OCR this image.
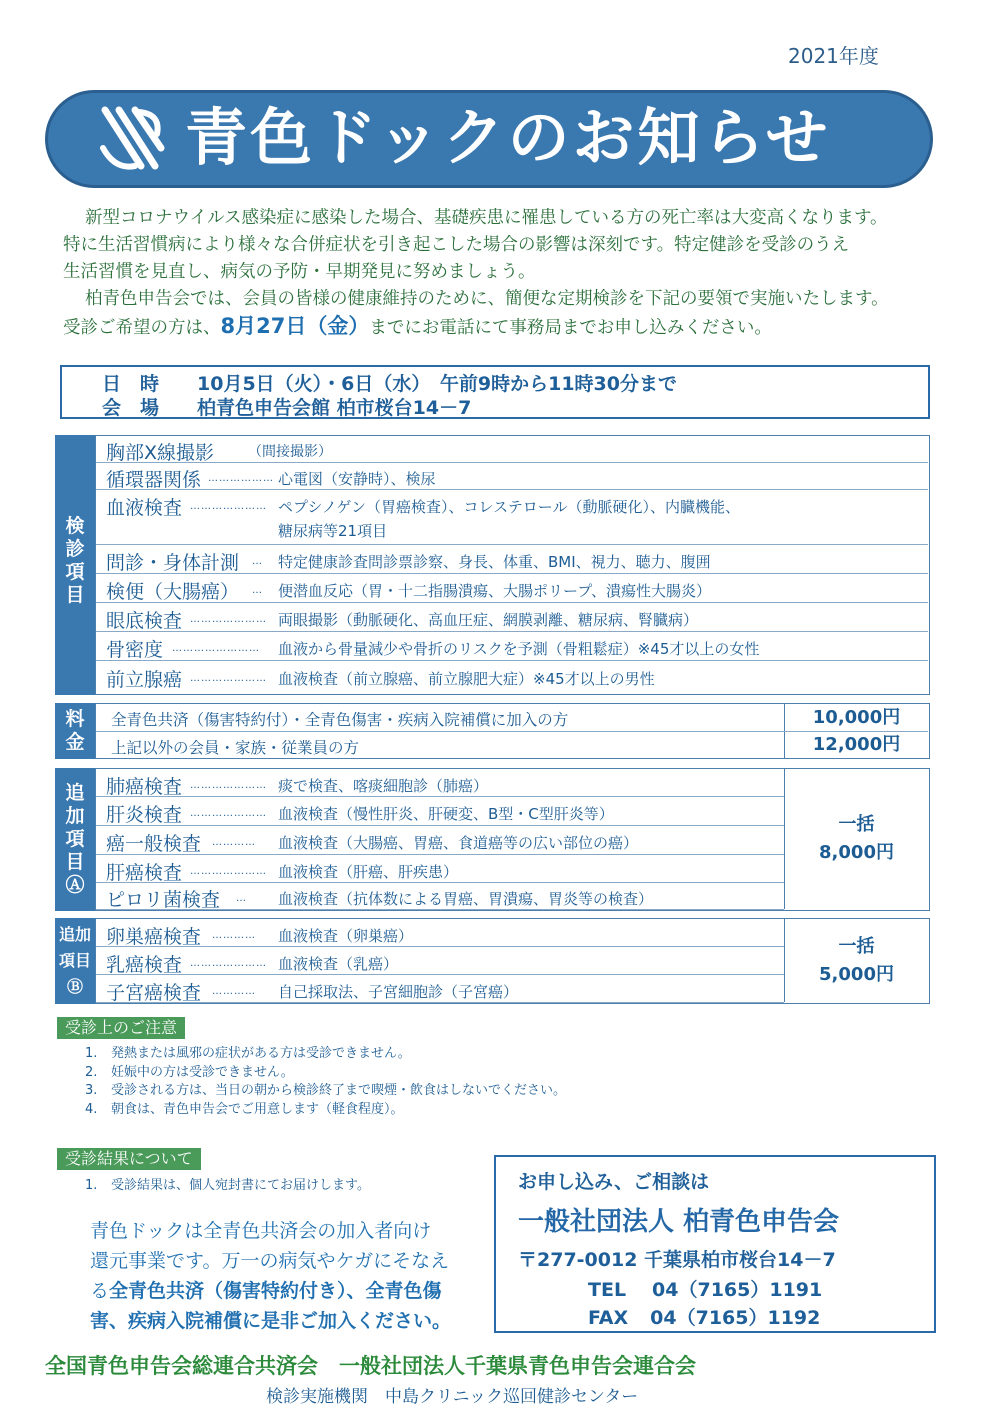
2021年度
青色ドックのお知らせ

新型コロナウイルス感染症に感染した場合、基礎疾患に罹患している方の死亡率は大変高くなります。

特に生活習慣病により様々な合併症状を引き起こした場合の影響は深刻です。特定健診を受診のうえ

生活習慣を見直し、病気の予防・早期発見に努めましょう。

柏青色申告会では、会員の皆様の健康維持のために、簡便な定期検診を下記の要領で実施いたします。

受診ご希望の方は、8月27日（金）までにお電話にて事務局までお申し込みください。

日　時 10月5日（火）・6日（水）　午前9時から11時30分まで
会　場 柏青色申告会館 柏市桜台14－7
検
診
項
目
胸部X線撮影 （間接撮影）
循環器関係 ……………… 心電図（安静時）、検尿
血液検査 ………………… ペプシノゲン（胃癌検査）、コレステロール（動脈硬化）、内臓機能、
糖尿病等21項目
問診・身体計測 … 特定健康診査問診票診察、身長、体重、BMI、視力、聴力、腹囲
検便（大腸癌） … 便潜血反応（胃・十二指腸潰瘍、大腸ポリープ、潰瘍性大腸炎）
眼底検査 ………………… 両眼撮影（動脈硬化、高血圧症、網膜剥離、糖尿病、腎臓病）
骨密度 …………………… 血液から骨量減少や骨折のリスクを予測（骨粗鬆症）※45才以上の女性
前立腺癌 ………………… 血液検査（前立腺癌、前立腺肥大症）※45才以上の男性
料
金
全青色共済（傷害特約付）・全青色傷害・疾病入院補償に加入の方	10,000円
上記以外の会員・家族・従業員の方	12,000円
追
加
項
目
Ⓐ
肺癌検査 ………………… 痰で検査、喀痰細胞診（肺癌）
肝炎検査 ………………… 血液検査（慢性肝炎、肝硬変、B型・C型肝炎等）
癌一般検査 ………… 血液検査（大腸癌、胃癌、食道癌等の広い部位の癌）
肝癌検査 ………………… 血液検査（肝癌、肝疾患）
ピロリ菌検査 … 血液検査（抗体数による胃癌、胃潰瘍、胃炎等の検査）
一括
8,000円
追加
項目
Ⓑ
卵巣癌検査 ………… 血液検査（卵巣癌）
乳癌検査 ………………… 血液検査（乳癌）
子宮癌検査 ………… 自己採取法、子宮細胞診（子宮癌）
一括
5,000円
受診上のご注意
1. 発熱または風邪の症状がある方は受診できません。
2. 妊娠中の方は受診できません。
3. 受診される方は、当日の朝から検診終了まで喫煙・飲食はしないでください。
4. 朝食は、青色申告会でご用意します（軽食程度）。
受診結果について
1. 受診結果は、個人宛封書にてお届けします。
青色ドックは全青色共済会の加入者向け
還元事業です。万一の病気やケガにそなえ
る全青色共済（傷害特約付き）、全青色傷
害、疾病入院補償に是非ご加入ください。
お申し込み、ご相談は
一般社団法人 柏青色申告会
〒277-0012 千葉県柏市桜台14－7
TEL 04（7165）1191
FAX 04（7165）1192
全国青色申告会総連合共済会　一般社団法人千葉県青色申告会連合会
検診実施機関　中島クリニック巡回健診センター
